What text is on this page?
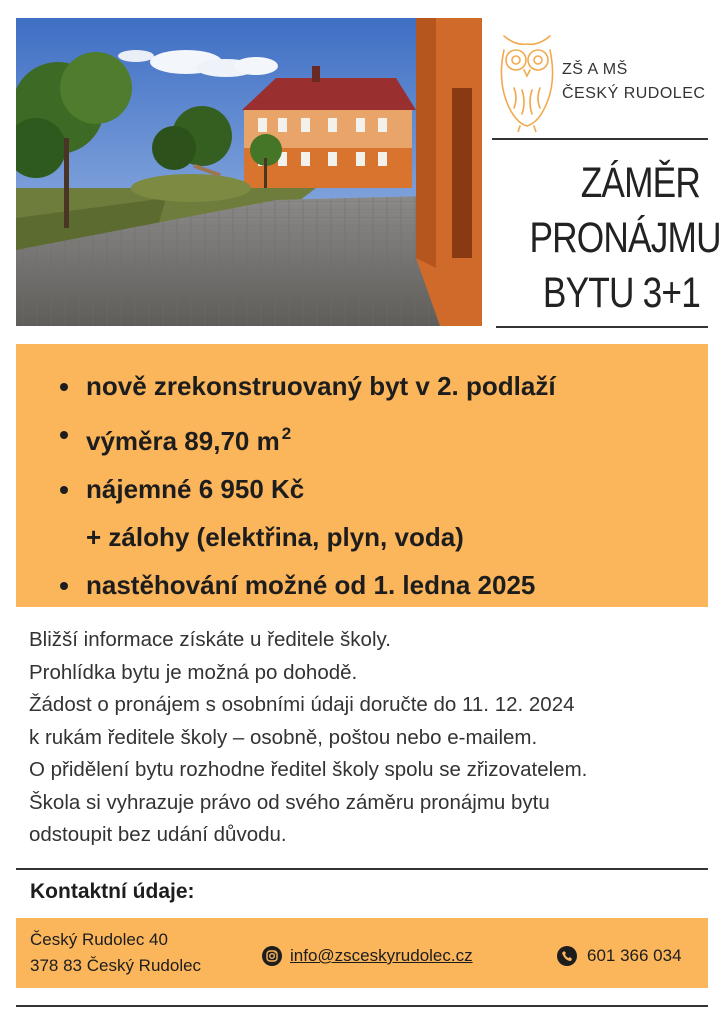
ZŠ A MŠ
ČESKÝ RUDOLEC
ZÁMĚR
PRONÁJMU
BYTU 3+1
nově zrekonstruovaný byt v 2. podlaží
výměra 89,70 m $^2$
nájemné 6 950 Kč
+ zálohy (elektřina, plyn, voda)
nastěhování možné od 1. ledna 2025
Bližší informace získáte u ředitele školy.
Prohlídka bytu je možná po dohodě.
Žádost o pronájem s osobními údaji doručte do 11. 12. 2024
k rukám ředitele školy – osobně, poštou nebo e-mailem.
O přidělení bytu rozhodne ředitel školy spolu se zřizovatelem.
Škola si vyhrazuje právo od svého záměru pronájmu bytu
odstoupit bez udání důvodu.
Kontaktní údaje:
Český Rudolec 40
378 83 Český Rudolec
info@zsceskyrudolec.cz	601 366 034
